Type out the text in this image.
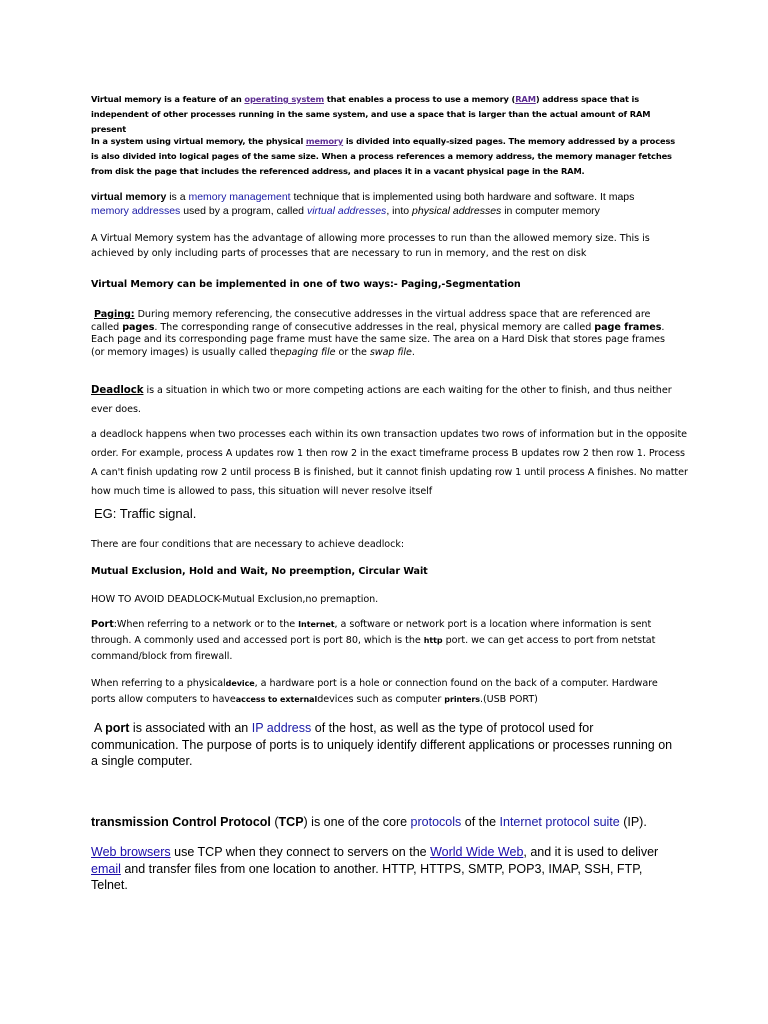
Virtual memory is a feature of an operating system that enables a process to use a memory (RAM) address space that is independent of other processes running in the same system, and use a space that is larger than the actual amount of RAM present
In a system using virtual memory, the physical memory is divided into equally-sized pages. The memory addressed by a process is also divided into logical pages of the same size. When a process references a memory address, the memory manager fetches from disk the page that includes the referenced address, and places it in a vacant physical page in the RAM.
virtual memory is a memory management technique that is implemented using both hardware and software. It maps memory addresses used by a program, called virtual addresses, into physical addresses in computer memory
A Virtual Memory system has the advantage of allowing more processes to run than the allowed memory size. This is achieved by only including parts of processes that are necessary to run in memory, and the rest on disk
Virtual Memory can be implemented in one of two ways:- Paging,-Segmentation
Paging: During memory referencing, the consecutive addresses in the virtual address space that are referenced are called pages. The corresponding range of consecutive addresses in the real, physical memory are called page frames. Each page and its corresponding page frame must have the same size. The area on a Hard Disk that stores page frames (or memory images) is usually called thepaging file or the swap file.
Deadlock is a situation in which two or more competing actions are each waiting for the other to finish, and thus neither ever does.
a deadlock happens when two processes each within its own transaction updates two rows of information but in the opposite order. For example, process A updates row 1 then row 2 in the exact timeframe process B updates row 2 then row 1. Process A can't finish updating row 2 until process B is finished, but it cannot finish updating row 1 until process A finishes. No matter how much time is allowed to pass, this situation will never resolve itself
EG: Traffic signal.
There are four conditions that are necessary to achieve deadlock:
Mutual Exclusion, Hold and Wait, No preemption, Circular Wait
HOW TO AVOID DEADLOCK-Mutual Exclusion,no premaption.
Port:When referring to a network or to the Internet, a software or network port is a location where information is sent through. A commonly used and accessed port is port 80, which is the http port. we can get access to port from netstat command/block from firewall.
When referring to a physicaldevice, a hardware port is a hole or connection found on the back of a computer. Hardware ports allow computers to haveaccess to externaldevices such as computer printers.(USB PORT)
A port is associated with an IP address of the host, as well as the type of protocol used for communication. The purpose of ports is to uniquely identify different applications or processes running on a single computer.
transmission Control Protocol (TCP) is one of the core protocols of the Internet protocol suite (IP).
Web browsers use TCP when they connect to servers on the World Wide Web, and it is used to deliver email and transfer files from one location to another. HTTP, HTTPS, SMTP, POP3, IMAP, SSH, FTP, Telnet.
